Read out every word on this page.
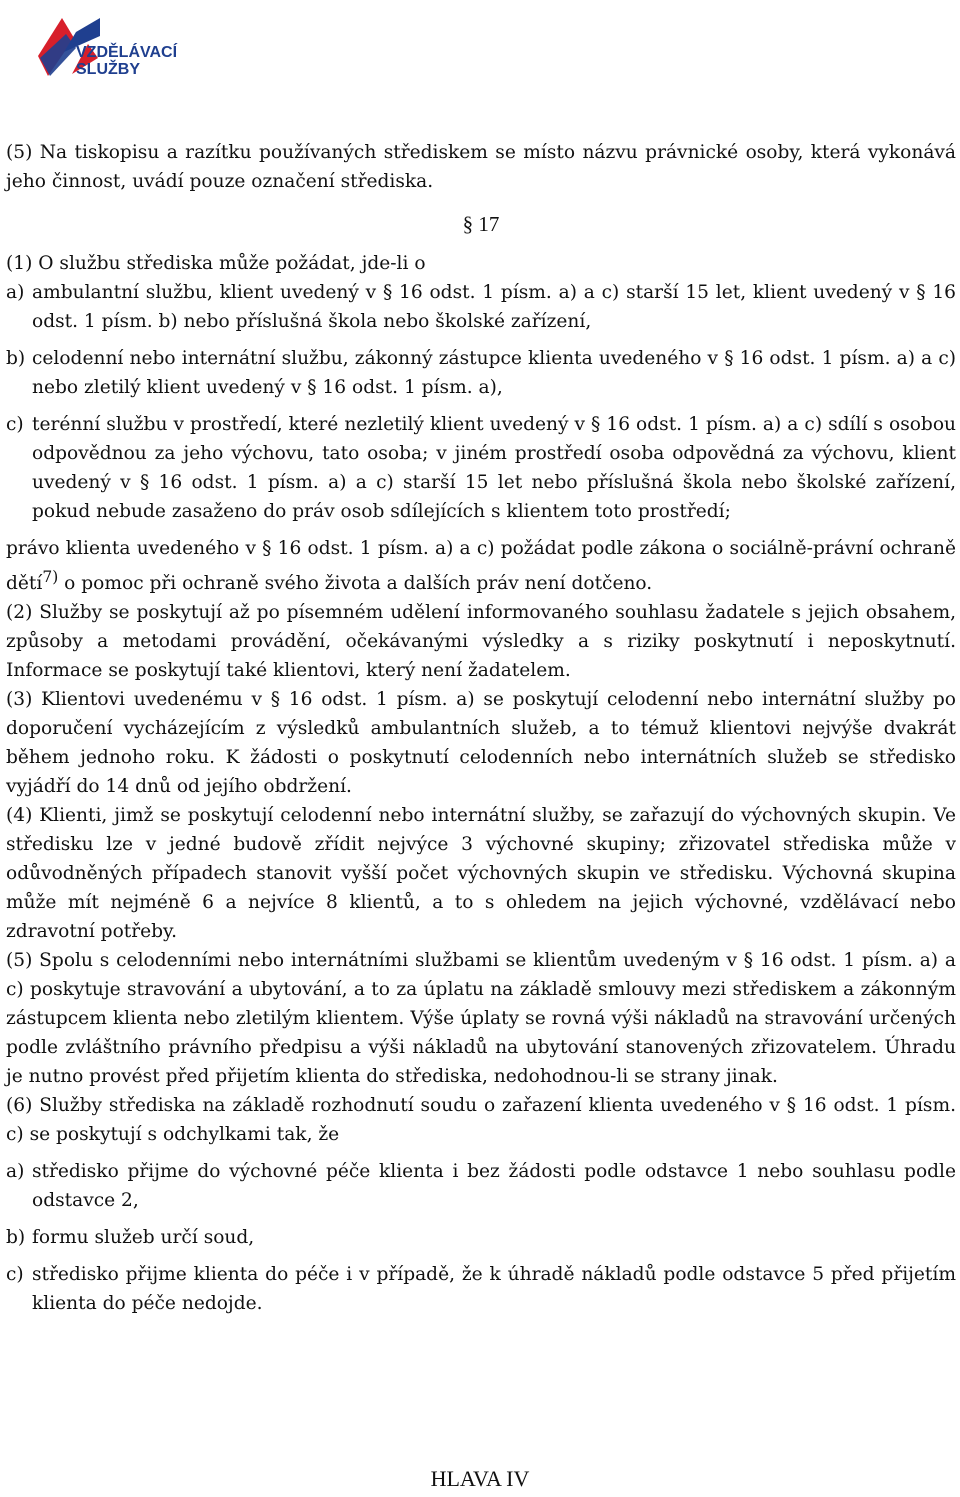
VZDĚLÁVACÍ
SLUŽBY

(5) Na tiskopisu a razítku používaných střediskem se místo názvu právnické osoby, která vykonává jeho činnost, uvádí pouze označení střediska.

§ 17

(1) O službu střediska může požádat, jde-li o

a) ambulantní službu, klient uvedený v § 16 odst. 1 písm. a) a c) starší 15 let, klient uvedený v § 16 odst. 1 písm. b) nebo příslušná škola nebo školské zařízení,
b) celodenní nebo internátní službu, zákonný zástupce klienta uvedeného v § 16 odst. 1 písm. a) a c) nebo zletilý klient uvedený v § 16 odst. 1 písm. a),
c) terénní službu v prostředí, které nezletilý klient uvedený v § 16 odst. 1 písm. a) a c) sdílí s osobou odpovědnou za jeho výchovu, tato osoba; v jiném prostředí osoba odpovědná za výchovu, klient uvedený v § 16 odst. 1 písm. a) a c) starší 15 let nebo příslušná škola nebo školské zařízení, pokud nebude zasaženo do práv osob sdílejících s klientem toto prostředí;

právo klienta uvedeného v § 16 odst. 1 písm. a) a c) požádat podle zákona o sociálně-právní ochraně dětí$^{7)}$ o pomoc při ochraně svého života a dalších práv není dotčeno.

(2) Služby se poskytují až po písemném udělení informovaného souhlasu žadatele s jejich obsahem, způsoby a metodami provádění, očekávanými výsledky a s riziky poskytnutí i neposkytnutí. Informace se poskytují také klientovi, který není žadatelem.

(3) Klientovi uvedenému v § 16 odst. 1 písm. a) se poskytují celodenní nebo internátní služby po doporučení vycházejícím z výsledků ambulantních služeb, a to témuž klientovi nejvýše dvakrát během jednoho roku. K žádosti o poskytnutí celodenních nebo internátních služeb se středisko vyjádří do 14 dnů od jejího obdržení.

(4) Klienti, jimž se poskytují celodenní nebo internátní služby, se zařazují do výchovných skupin. Ve středisku lze v jedné budově zřídit nejvýce 3 výchovné skupiny; zřizovatel střediska může v odůvodněných případech stanovit vyšší počet výchovných skupin ve středisku. Výchovná skupina může mít nejméně 6 a nejvíce 8 klientů, a to s ohledem na jejich výchovné, vzdělávací nebo zdravotní potřeby.

(5) Spolu s celodenními nebo internátními službami se klientům uvedeným v § 16 odst. 1 písm. a) a c) poskytuje stravování a ubytování, a to za úplatu na základě smlouvy mezi střediskem a zákonným zástupcem klienta nebo zletilým klientem. Výše úplaty se rovná výši nákladů na stravování určených podle zvláštního právního předpisu a výši nákladů na ubytování stanovených zřizovatelem. Úhradu je nutno provést před přijetím klienta do střediska, nedohodnou-li se strany jinak.

(6) Služby střediska na základě rozhodnutí soudu o zařazení klienta uvedeného v § 16 odst. 1 písm. c) se poskytují s odchylkami tak, že

a) středisko přijme do výchovné péče klienta i bez žádosti podle odstavce 1 nebo souhlasu podle odstavce 2,
b) formu služeb určí soud,
c) středisko přijme klienta do péče i v případě, že k úhradě nákladů podle odstavce 5 před přijetím klienta do péče nedojde.
HLAVA IV
